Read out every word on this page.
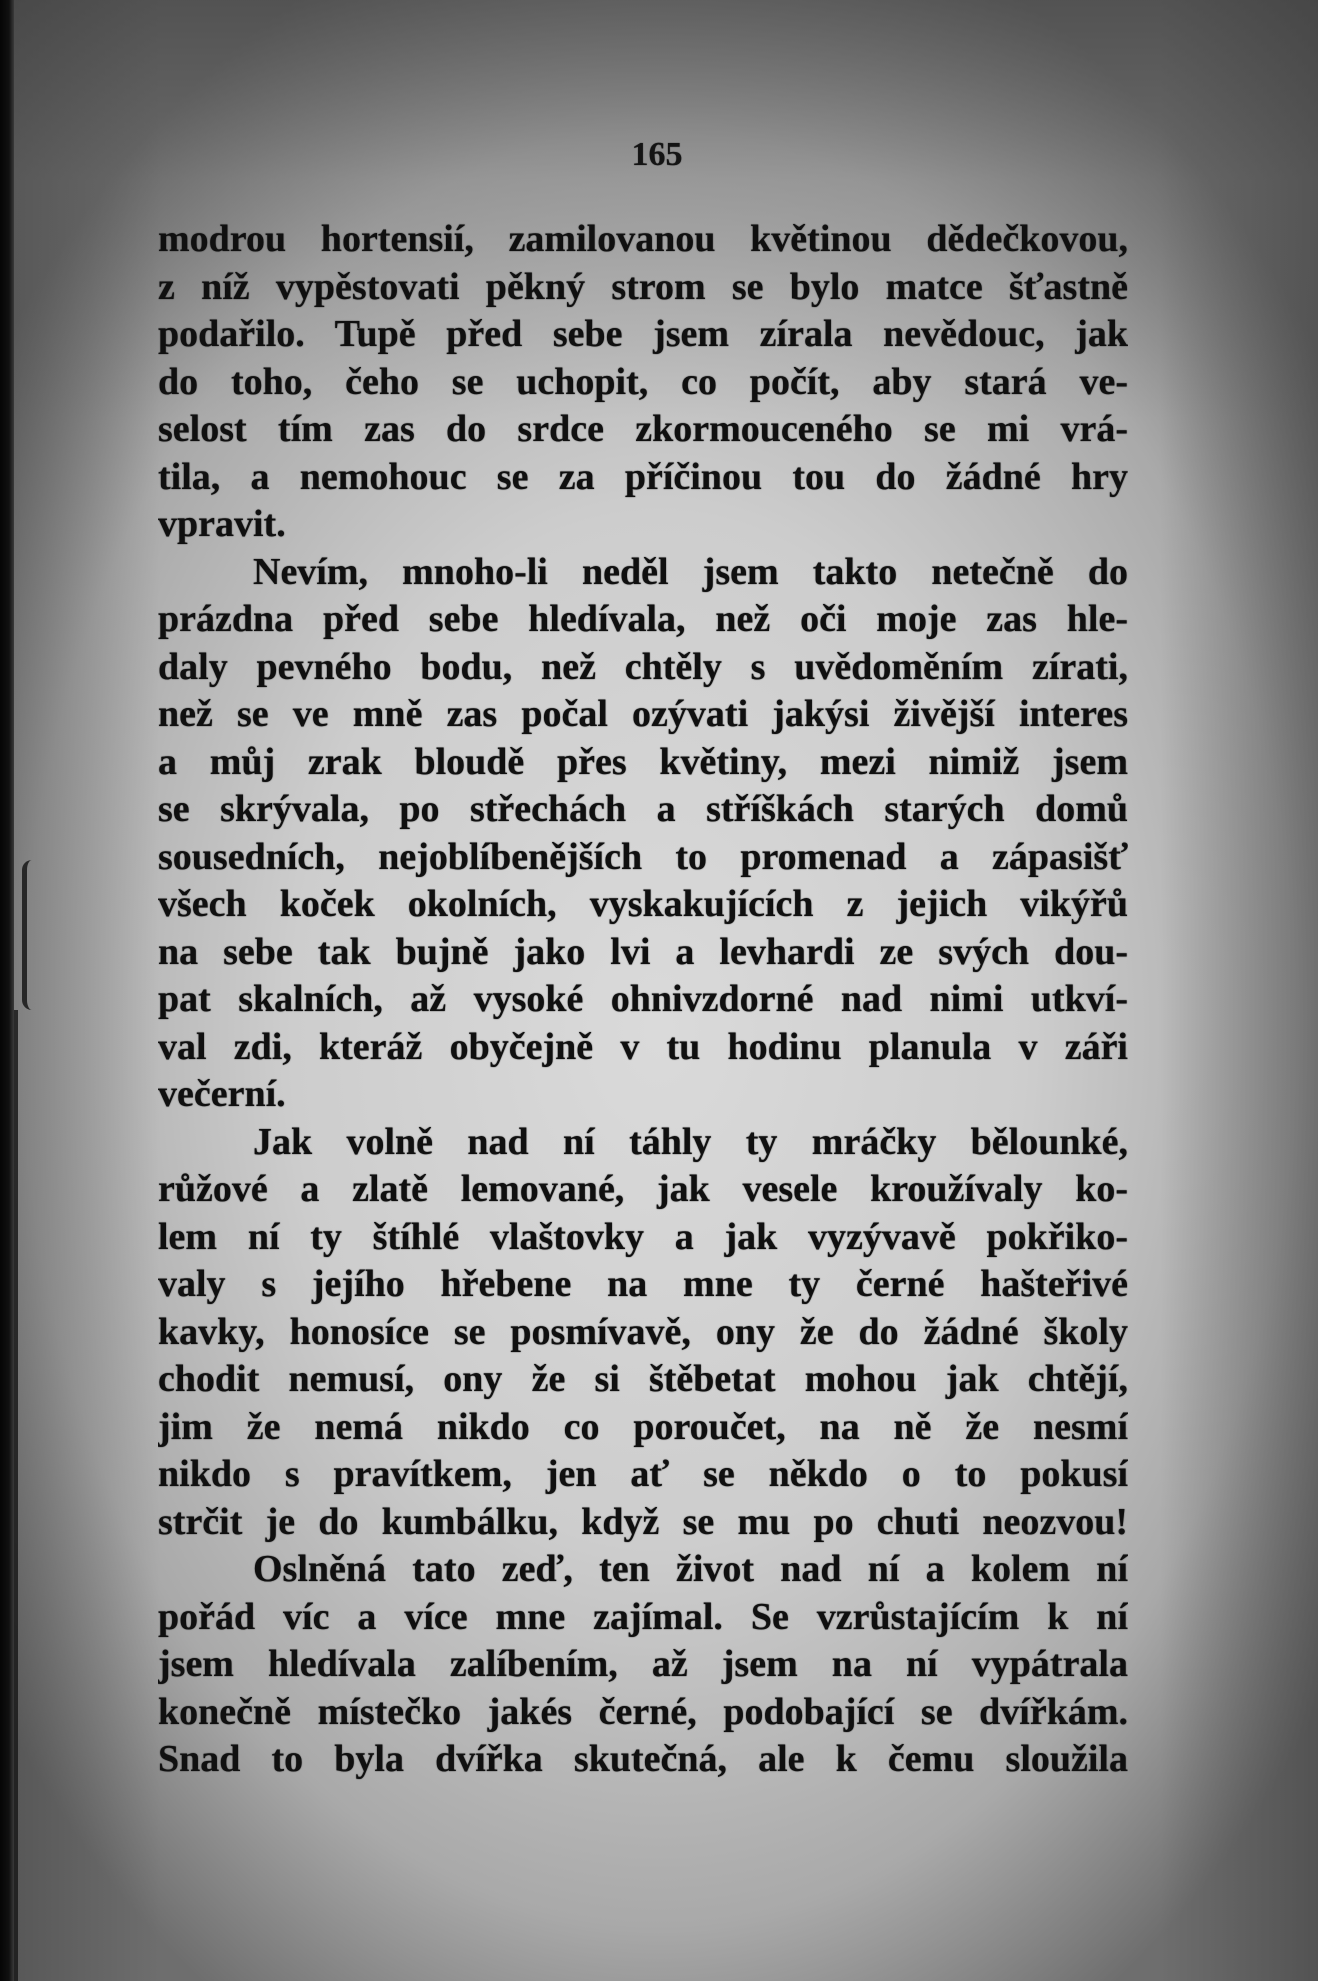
165
modrou hortensií, zamilovanou květinou dědečkovou,
z níž vypěstovati pěkný strom se bylo matce šťastně
podařilo. Tupě před sebe jsem zírala nevědouc, jak
do toho, čeho se uchopit, co počít, aby stará ve-
selost tím zas do srdce zkormouceného se mi vrá-
tila, a nemohouc se za příčinou tou do žádné hry
vpravit.
Nevím, mnoho-li neděl jsem takto netečně do
prázdna před sebe hledívala, než oči moje zas hle-
daly pevného bodu, než chtěly s uvědoměním zírati,
než se ve mně zas počal ozývati jakýsi živější interes
a můj zrak bloudě přes květiny, mezi nimiž jsem
se skrývala, po střechách a stříškách starých domů
sousedních, nejoblíbenějších to promenad a zápasišť
všech koček okolních, vyskakujících z jejich vikýřů
na sebe tak bujně jako lvi a levhardi ze svých dou-
pat skalních, až vysoké ohnivzdorné nad nimi utkví-
val zdi, kteráž obyčejně v tu hodinu planula v záři
večerní.
Jak volně nad ní táhly ty mráčky bělounké,
růžové a zlatě lemované, jak vesele kroužívaly ko-
lem ní ty štíhlé vlaštovky a jak vyzývavě pokřiko-
valy s jejího hřebene na mne ty černé hašteřivé
kavky, honosíce se posmívavě, ony že do žádné školy
chodit nemusí, ony že si štěbetat mohou jak chtějí,
jim že nemá nikdo co poroučet, na ně že nesmí
nikdo s pravítkem, jen ať se někdo o to pokusí
strčit je do kumbálku, když se mu po chuti neozvou!
Oslněná tato zeď, ten život nad ní a kolem ní
pořád víc a více mne zajímal. Se vzrůstajícím k ní
jsem hledívala zalíbením, až jsem na ní vypátrala
konečně místečko jakés černé, podobající se dvířkám.
Snad to byla dvířka skutečná, ale k čemu sloužila
